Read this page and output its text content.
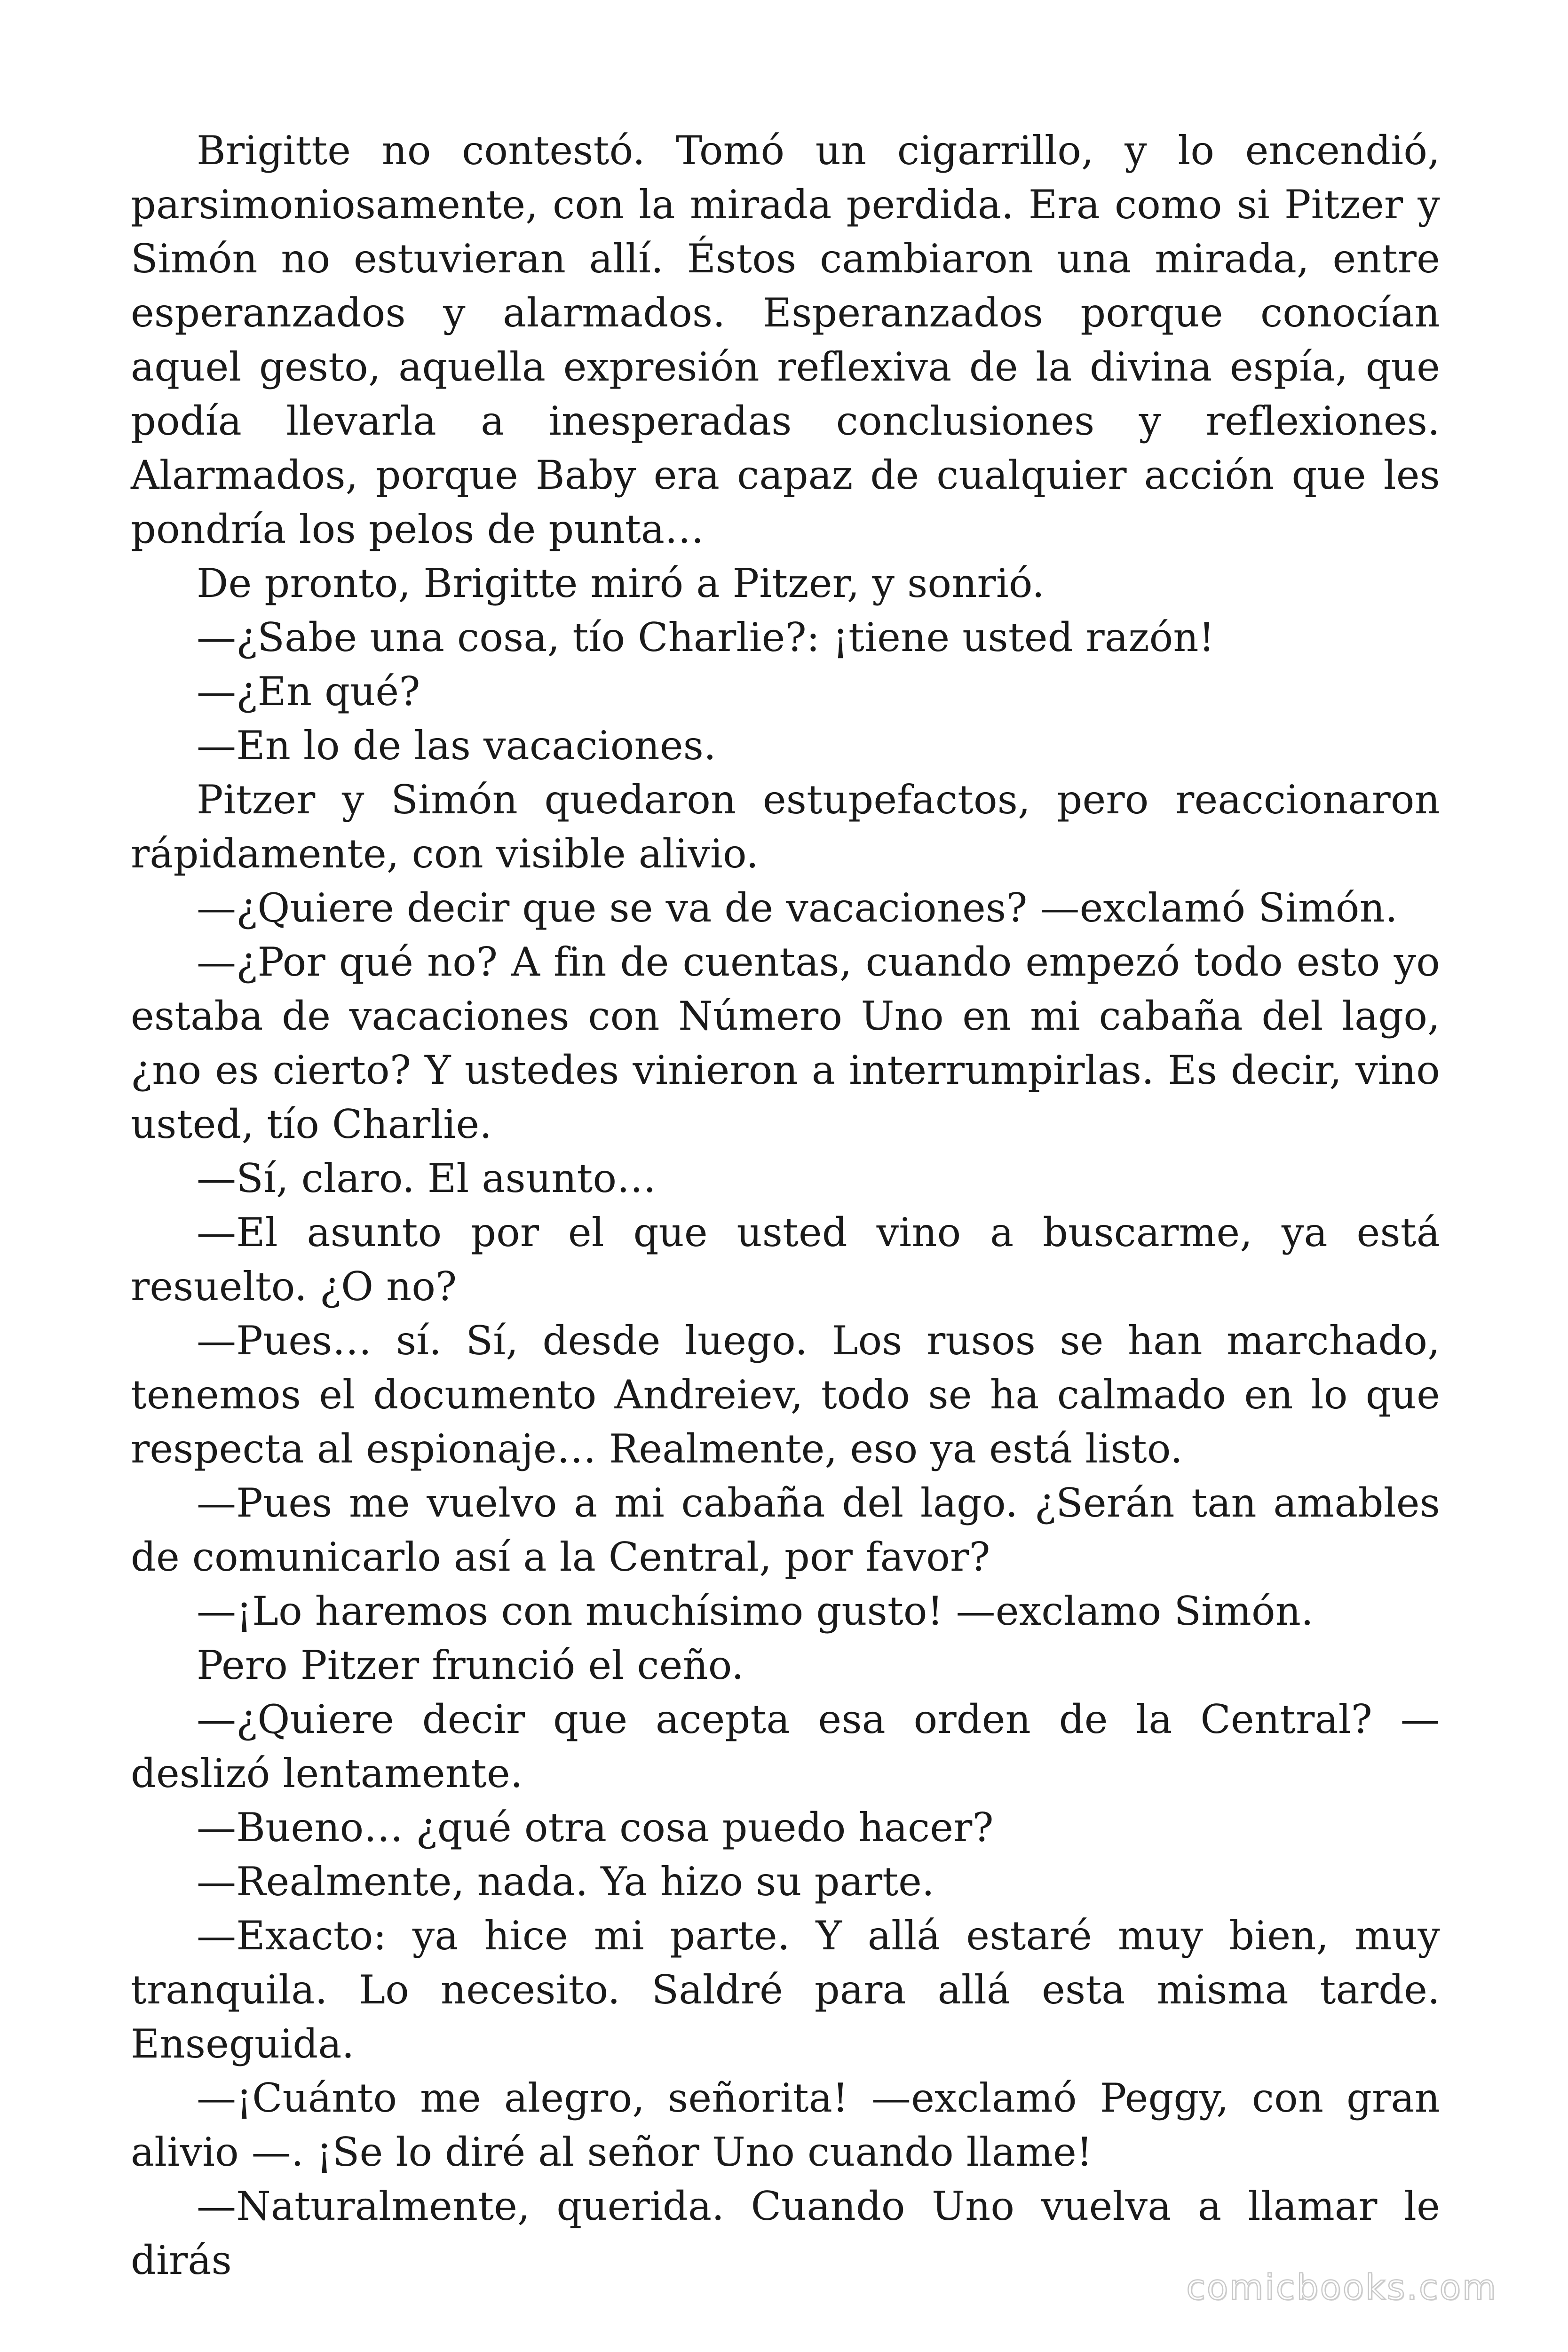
Brigitte no contestó. Tomó un cigarrillo, y lo encendió, parsimoniosamente, con la mirada perdida. Era como si Pitzer y Simón no estuvieran allí. Éstos cambiaron una mirada, entre esperanzados y alarmados. Esperanzados porque conocían aquel gesto, aquella expresión reflexiva de la divina espía, que podía llevarla a inesperadas conclusiones y reflexiones. Alarmados, porque Baby era capaz de cualquier acción que les pondría los pelos de punta…

De pronto, Brigitte miró a Pitzer, y sonrió.

—¿Sabe una cosa, tío Charlie?: ¡tiene usted razón!

—¿En qué?

—En lo de las vacaciones.

Pitzer y Simón quedaron estupefactos, pero reaccionaron rápidamente, con visible alivio.

—¿Quiere decir que se va de vacaciones? —exclamó Simón.

—¿Por qué no? A fin de cuentas, cuando empezó todo esto yo estaba de vacaciones con Número Uno en mi cabaña del lago, ¿no es cierto? Y ustedes vinieron a interrumpirlas. Es decir, vino usted, tío Charlie.

—Sí, claro. El asunto…

—El asunto por el que usted vino a buscarme, ya está resuelto. ¿O no?

—Pues… sí. Sí, desde luego. Los rusos se han marchado, tenemos el documento Andreiev, todo se ha calmado en lo que respecta al espionaje… Realmente, eso ya está listo.

—Pues me vuelvo a mi cabaña del lago. ¿Serán tan amables de comunicarlo así a la Central, por favor?

—¡Lo haremos con muchísimo gusto! —exclamo Simón.

Pero Pitzer frunció el ceño.

—¿Quiere decir que acepta esa orden de la Central? —deslizó lentamente.

—Bueno… ¿qué otra cosa puedo hacer?

—Realmente, nada. Ya hizo su parte.

—Exacto: ya hice mi parte. Y allá estaré muy bien, muy tranquila. Lo necesito. Saldré para allá esta misma tarde. Enseguida.

—¡Cuánto me alegro, señorita! —exclamó Peggy, con gran alivio —. ¡Se lo diré al señor Uno cuando llame!

—Naturalmente, querida. Cuando Uno vuelva a llamar le dirás

comicbooks.com
